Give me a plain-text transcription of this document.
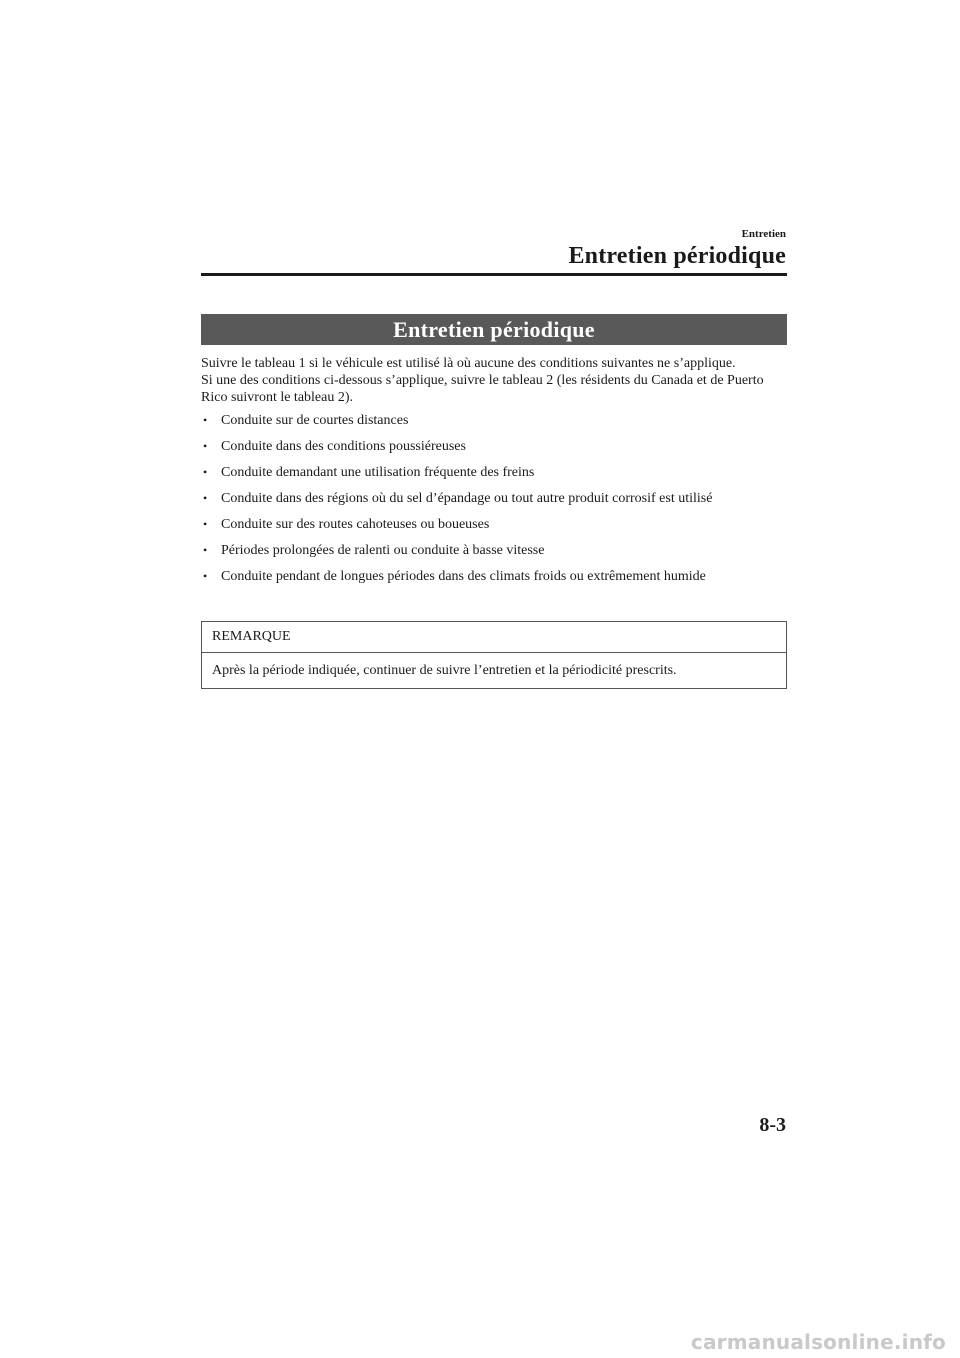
Entretien
Entretien périodique
Entretien périodique

Suivre le tableau 1 si le véhicule est utilisé là où aucune des conditions suivantes ne s’applique.

Si une des conditions ci-dessous s’applique, suivre le tableau 2 (les résidents du Canada et de Puerto Rico suivront le tableau 2).

• Conduite sur de courtes distances
• Conduite dans des conditions poussiéreuses
• Conduite demandant une utilisation fréquente des freins
• Conduite dans des régions où du sel d’épandage ou tout autre produit corrosif est utilisé
• Conduite sur des routes cahoteuses ou boueuses
• Périodes prolongées de ralenti ou conduite à basse vitesse
• Conduite pendant de longues périodes dans des climats froids ou extrêmement humide
REMARQUE
Après la période indiquée, continuer de suivre l’entretien et la périodicité prescrits.
8-3
carmanualsonline.info
